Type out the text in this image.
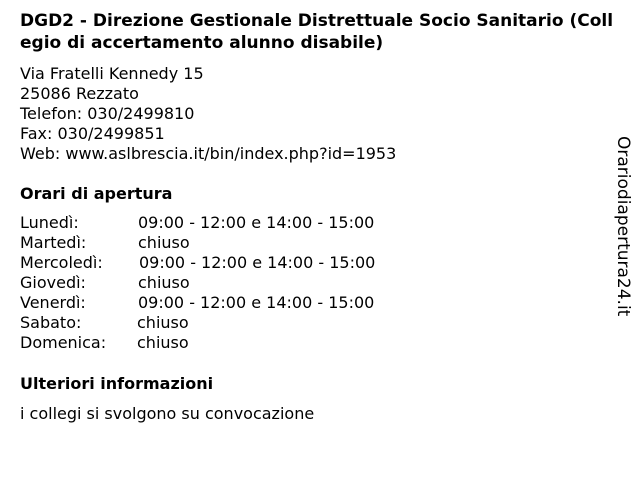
DGD2 - Direzione Gestionale Distrettuale Socio Sanitario (Collegio di accertamento alunno disabile)
Via Fratelli Kennedy 15
25086 Rezzato
Telefon: 030/2499810
Fax: 030/2499851
Web: www.aslbrescia.it/bin/index.php?id=1953
Orari di apertura
Lunedì:	09:00 - 12:00 e 14:00 - 15:00
Martedì:	chiuso
Mercoledì:	09:00 - 12:00 e 14:00 - 15:00
Giovedì:	chiuso
Venerdì:	09:00 - 12:00 e 14:00 - 15:00
Sabato:	chiuso
Domenica:	chiuso
Ulteriori informazioni
i collegi si svolgono su convocazione
Orariodiapertura24.it
